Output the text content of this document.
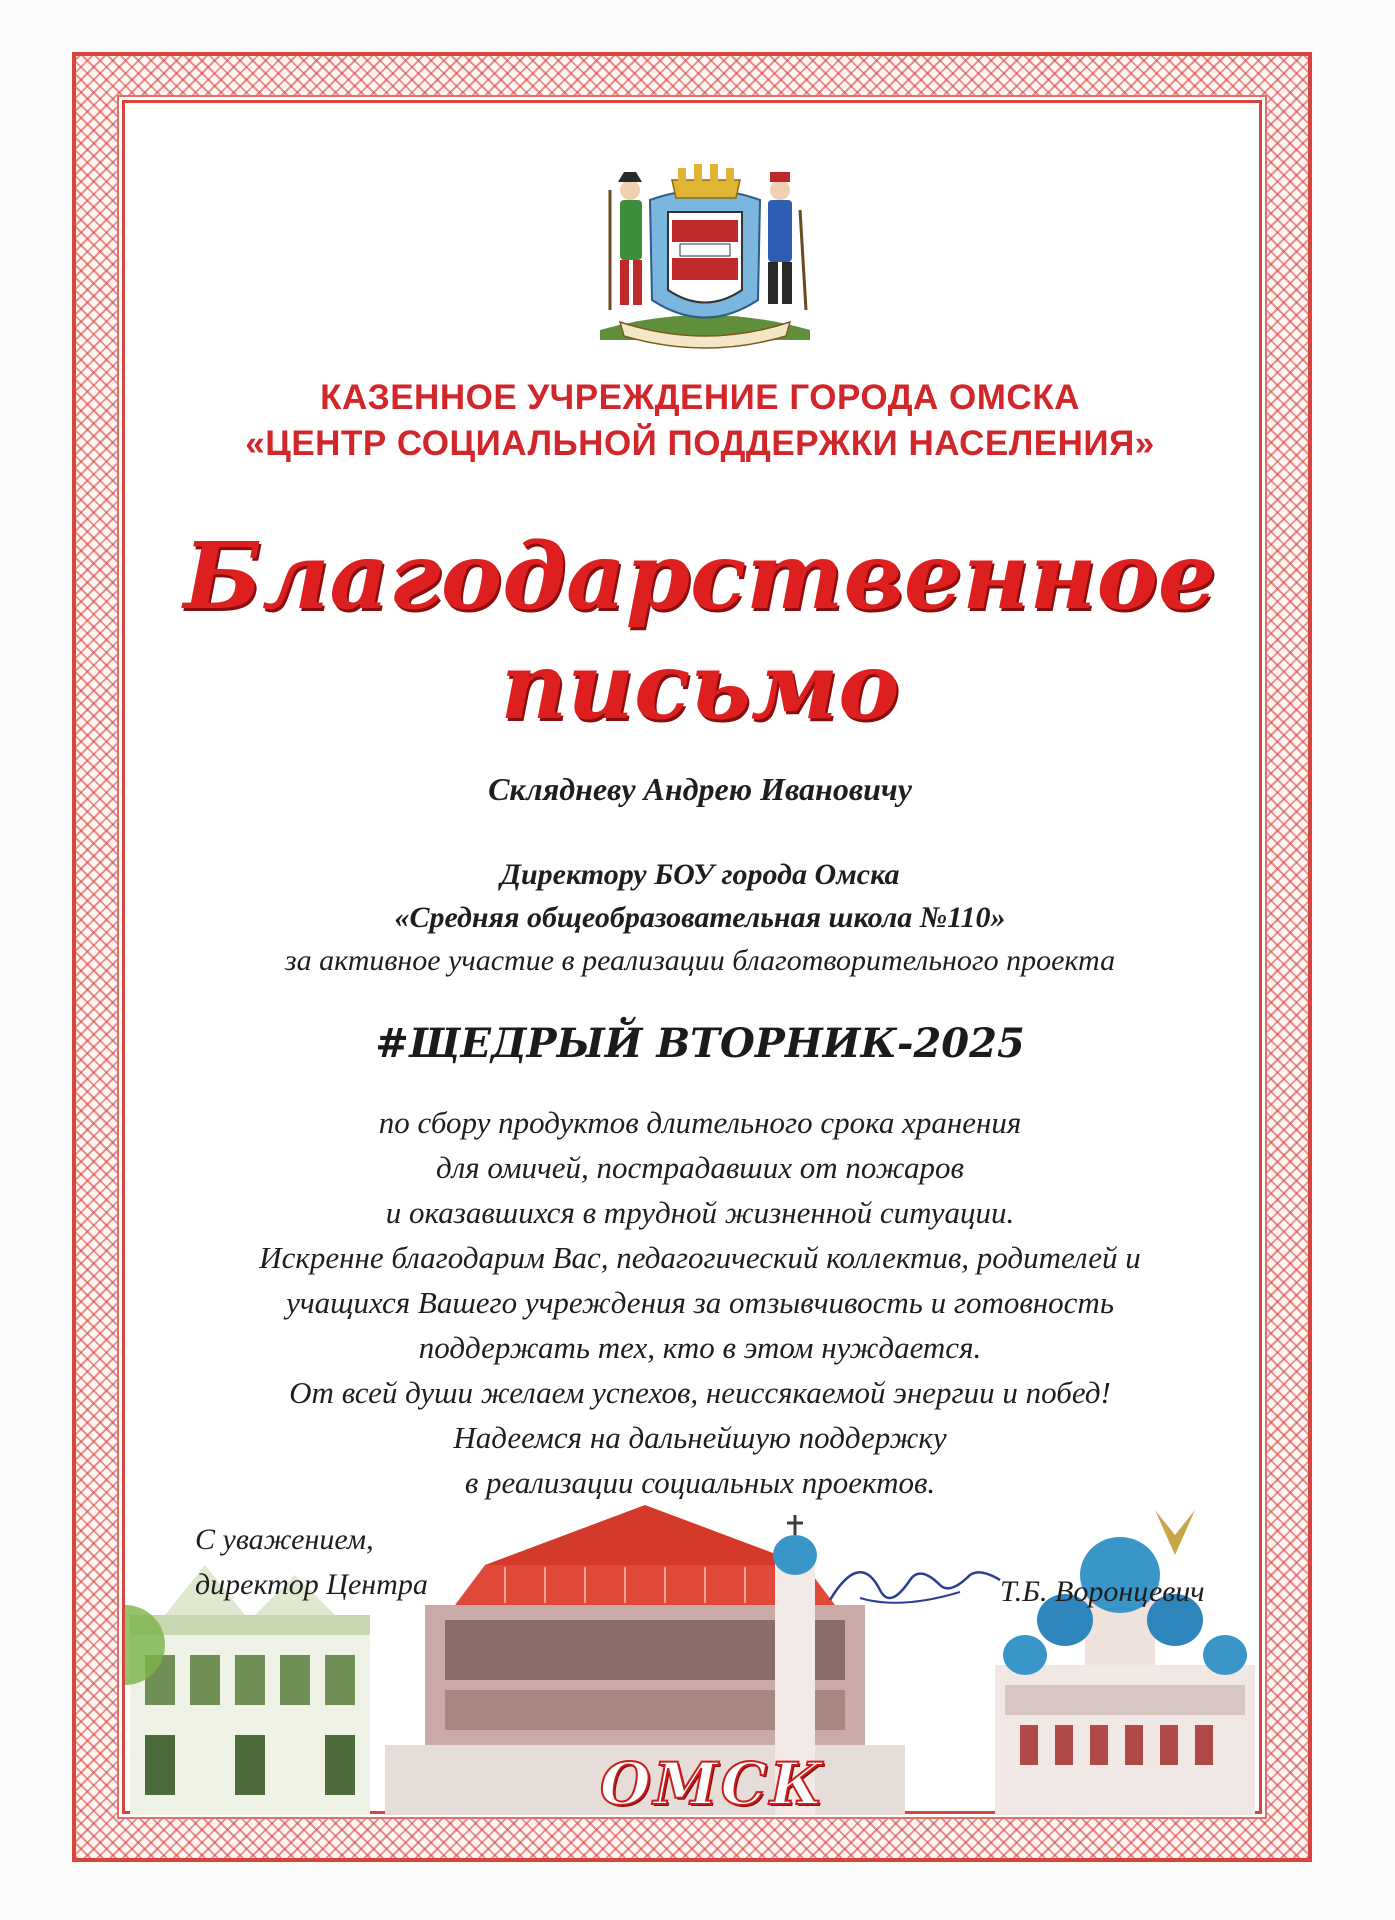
КАЗЕННОЕ УЧРЕЖДЕНИЕ ГОРОДА ОМСКА
«ЦЕНТР СОЦИАЛЬНОЙ ПОДДЕРЖКИ НАСЕЛЕНИЯ»
Благодарственное
письмо
Склядневу Андрею Ивановичу
Директору БОУ города Омска
«Средняя общеобразовательная школа №110»
за активное участие в реализации благотворительного проекта
#ЩЕДРЫЙ ВТОРНИК-2025
по сбору продуктов длительного срока хранения
для омичей, пострадавших от пожаров
и оказавшихся в трудной жизненной ситуации.
Искренне благодарим Вас, педагогический коллектив, родителей и
учащихся Вашего учреждения за отзывчивость и готовность
поддержать тех, кто в этом нуждается.
От всей души желаем успехов, неиссякаемой энергии и побед!
Надеемся на дальнейшую поддержку
в реализации социальных проектов.
С уважением,
директор Центра	Т.Б. Воронцевич
ОМСК
